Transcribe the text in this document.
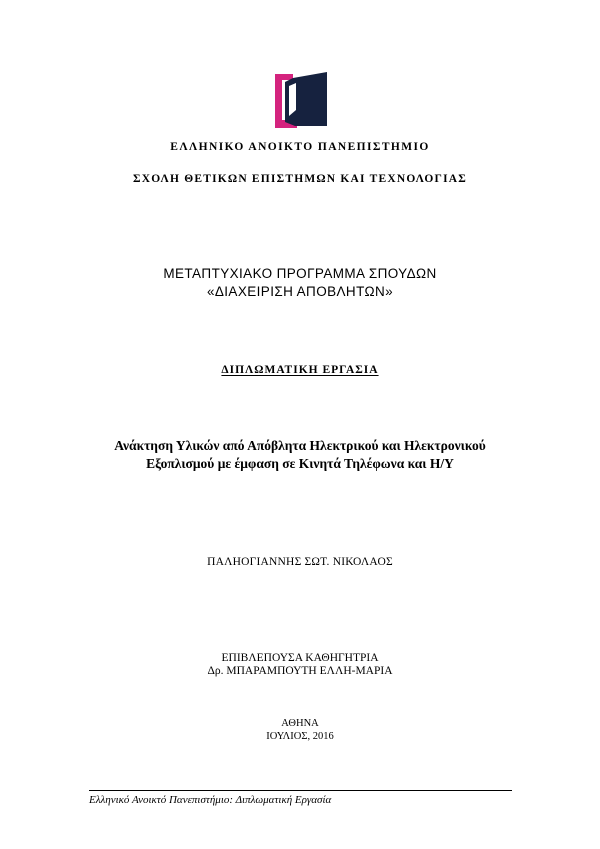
ΕΛΛΗΝΙΚΟ ΑΝΟΙΚΤΟ ΠΑΝΕΠΙΣΤΗΜΙΟ
ΣΧΟΛΗ ΘΕΤΙΚΩΝ ΕΠΙΣΤΗΜΩΝ ΚΑΙ ΤΕΧΝΟΛΟΓΙΑΣ
ΜΕΤΑΠΤΥΧΙΑΚΟ ΠΡΟΓΡΑΜΜΑ ΣΠΟΥΔΩΝ
«ΔΙΑΧΕΙΡΙΣΗ ΑΠΟΒΛΗΤΩΝ»
ΔΙΠΛΩΜΑΤΙΚΗ ΕΡΓΑΣΙΑ
Ανάκτηση Υλικών από Απόβλητα Ηλεκτρικού και Ηλεκτρονικού
Εξοπλισμού με έμφαση σε Κινητά Τηλέφωνα και Η/Υ
ΠΑΛΗΟΓΙΑΝΝΗΣ ΣΩΤ. ΝΙΚΟΛΑΟΣ
ΕΠΙΒΛΕΠΟΥΣΑ ΚΑΘΗΓΗΤΡΙΑ
Δρ. ΜΠΑΡΑΜΠΟΥΤΗ ΕΛΛΗ-ΜΑΡΙΑ
ΑΘΗΝΑ
ΙΟΥΛΙΟΣ, 2016
Ελληνικό Ανοικτό Πανεπιστήμιο: Διπλωματική Εργασία
